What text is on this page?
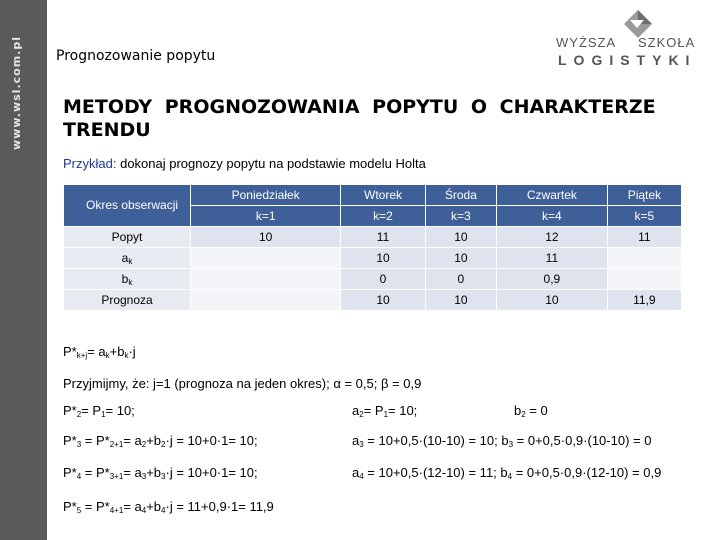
www.wsl.com.pl Prognozowanie popytu
WYŻSZA SZKOŁA
LOGISTYKI
METODY PROGNOZOWANIA POPYTU O CHARAKTERZE TRENDU
Przykład: dokonaj prognozy popytu na podstawie modelu Holta
Okres obserwacji	Poniedziałek	Wtorek	Środa	Czwartek	Piątek
	k=1	k=2	k=3	k=4	k=5
Popyt	10	11	10	12	11
$a_k$		10	10	11	
$b_k$		0	0	0,9	
Prognoza		10	10	10	11,9
$P*_{k+j}= a_k+b_k\cdot j$
Przyjmijmy, że: j=1 (prognoza na jeden okres); α = 0,5; β = 0,9
$P*_2= P_1= 10$;	$a_2= P_1= 10$;	$b_2 = 0$
$P*_3 = P*_{2+1}= a_2+b_2\cdot j = 10+0\cdot 1= 10$;	$a_3 = 10+0,5\cdot(10-10) = 10$; $b_3 = 0+0,5\cdot 0,9\cdot(10-10) = 0$
$P*_4 = P*_{3+1}= a_3+b_3\cdot j = 10+0\cdot 1= 10$;	$a_4 = 10+0,5\cdot(12-10) = 11$; $b_4 = 0+0,5\cdot 0,9\cdot(12-10) = 0,9$
$P*_5 = P*_{4+1}= a_4+b_4\cdot j = 11+0,9\cdot 1= 11,9$
